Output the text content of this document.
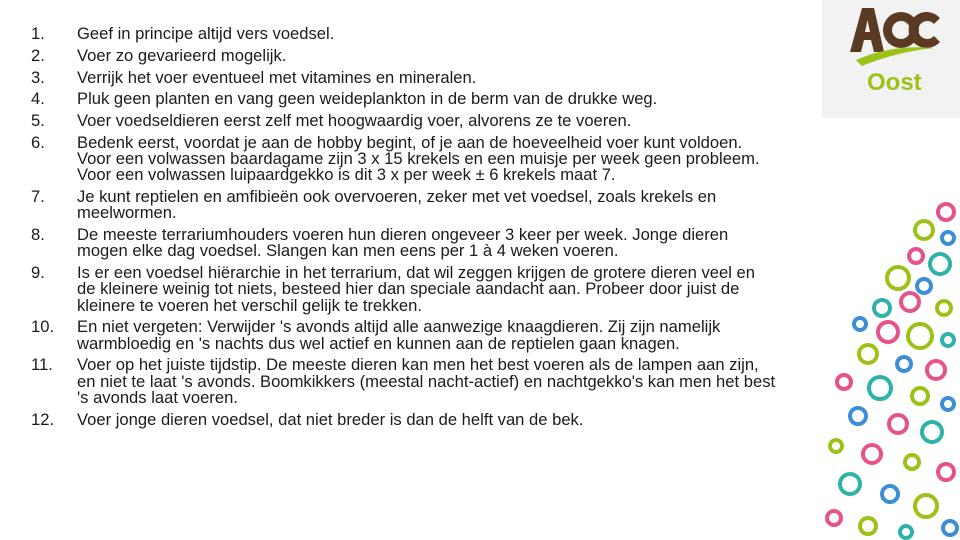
Oost
1.	Geef in principe altijd vers voedsel.
2.	Voer zo gevarieerd mogelijk.
3.	Verrijk het voer eventueel met vitamines en mineralen.
4.	Pluk geen planten en vang geen weideplankton in de berm van de drukke weg.
5.	Voer voedseldieren eerst zelf met hoogwaardig voer, alvorens ze te voeren.
6.	Bedenk eerst, voordat je aan de hobby begint, of je aan de hoeveelheid voer kunt voldoen.
Voor een volwassen baardagame zijn 3 x 15 krekels en een muisje per week geen probleem.
Voor een volwassen luipaardgekko is dit 3 x per week ± 6 krekels maat 7.
7.	Je kunt reptielen en amfibieën ook overvoeren, zeker met vet voedsel, zoals krekels en
meelwormen.
8.	De meeste terrariumhouders voeren hun dieren ongeveer 3 keer per week. Jonge dieren
mogen elke dag voedsel. Slangen kan men eens per 1 à 4 weken voeren.
9.	Is er een voedsel hiërarchie in het terrarium, dat wil zeggen krijgen de grotere dieren veel en
de kleinere weinig tot niets, besteed hier dan speciale aandacht aan. Probeer door juist de
kleinere te voeren het verschil gelijk te trekken.
10.	En niet vergeten: Verwijder 's avonds altijd alle aanwezige knaagdieren. Zij zijn namelijk
warmbloedig en 's nachts dus wel actief en kunnen aan de reptielen gaan knagen.
11.	Voer op het juiste tijdstip. De meeste dieren kan men het best voeren als de lampen aan zijn,
en niet te laat 's avonds. Boomkikkers (meestal nacht‑actief) en nachtgekko's kan men het best
's avonds laat voeren.
12.	Voer jonge dieren voedsel, dat niet breder is dan de helft van de bek.
